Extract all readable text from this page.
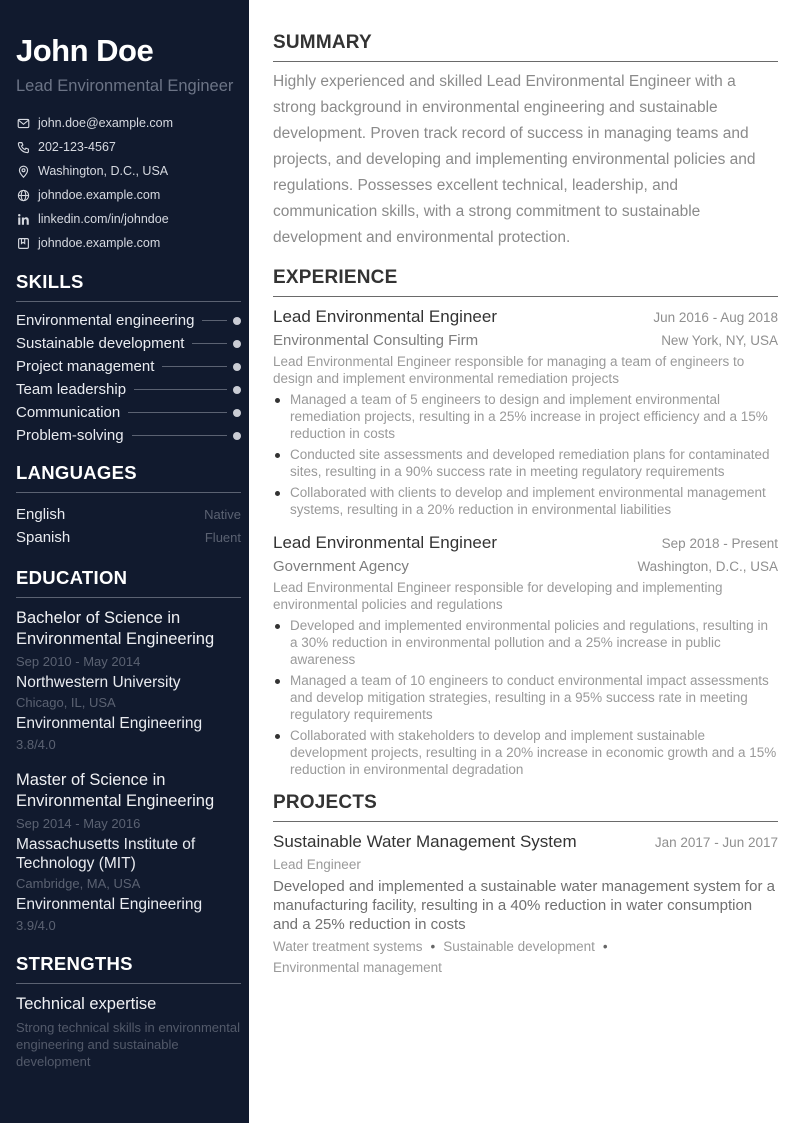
John Doe
Lead Environmental Engineer
john.doe@example.com
202-123-4567
Washington, D.C., USA
johndoe.example.com
linkedin.com/in/johndoe
johndoe.example.com
SKILLS
Environmental engineering
Sustainable development
Project management
Team leadership
Communication
Problem-solving
LANGUAGES
English	Native
Spanish	Fluent
EDUCATION
Bachelor of Science in Environmental Engineering
Sep 2010 - May 2014
Northwestern University
Chicago, IL, USA
Environmental Engineering
3.8/4.0
Master of Science in Environmental Engineering
Sep 2014 - May 2016
Massachusetts Institute of Technology (MIT)
Cambridge, MA, USA
Environmental Engineering
3.9/4.0
STRENGTHS
Technical expertise
Strong technical skills in environmental engineering and sustainable development
SUMMARY

Highly experienced and skilled Lead Environmental Engineer with a strong background in environmental engineering and sustainable development. Proven track record of success in managing teams and projects, and developing and implementing environmental policies and regulations. Possesses excellent technical, leadership, and communication skills, with a strong commitment to sustainable development and environmental protection.

EXPERIENCE
Lead Environmental Engineer	Jun 2016 - Aug 2018
Environmental Consulting Firm	New York, NY, USA
Lead Environmental Engineer responsible for managing a team of engineers to design and implement environmental remediation projects
Managed a team of 5 engineers to design and implement environmental remediation projects, resulting in a 25% increase in project efficiency and a 15% reduction in costs
Conducted site assessments and developed remediation plans for contaminated sites, resulting in a 90% success rate in meeting regulatory requirements
Collaborated with clients to develop and implement environmental management systems, resulting in a 20% reduction in environmental liabilities
Lead Environmental Engineer	Sep 2018 - Present
Government Agency	Washington, D.C., USA
Lead Environmental Engineer responsible for developing and implementing environmental policies and regulations
Developed and implemented environmental policies and regulations, resulting in a 30% reduction in environmental pollution and a 25% increase in public awareness
Managed a team of 10 engineers to conduct environmental impact assessments and develop mitigation strategies, resulting in a 95% success rate in meeting regulatory requirements
Collaborated with stakeholders to develop and implement sustainable development projects, resulting in a 20% increase in economic growth and a 15% reduction in environmental degradation
PROJECTS
Sustainable Water Management System	Jan 2017 - Jun 2017
Lead Engineer
Developed and implemented a sustainable water management system for a manufacturing facility, resulting in a 40% reduction in water consumption and a 25% reduction in costs
Water treatment systems • Sustainable development •
Environmental management
